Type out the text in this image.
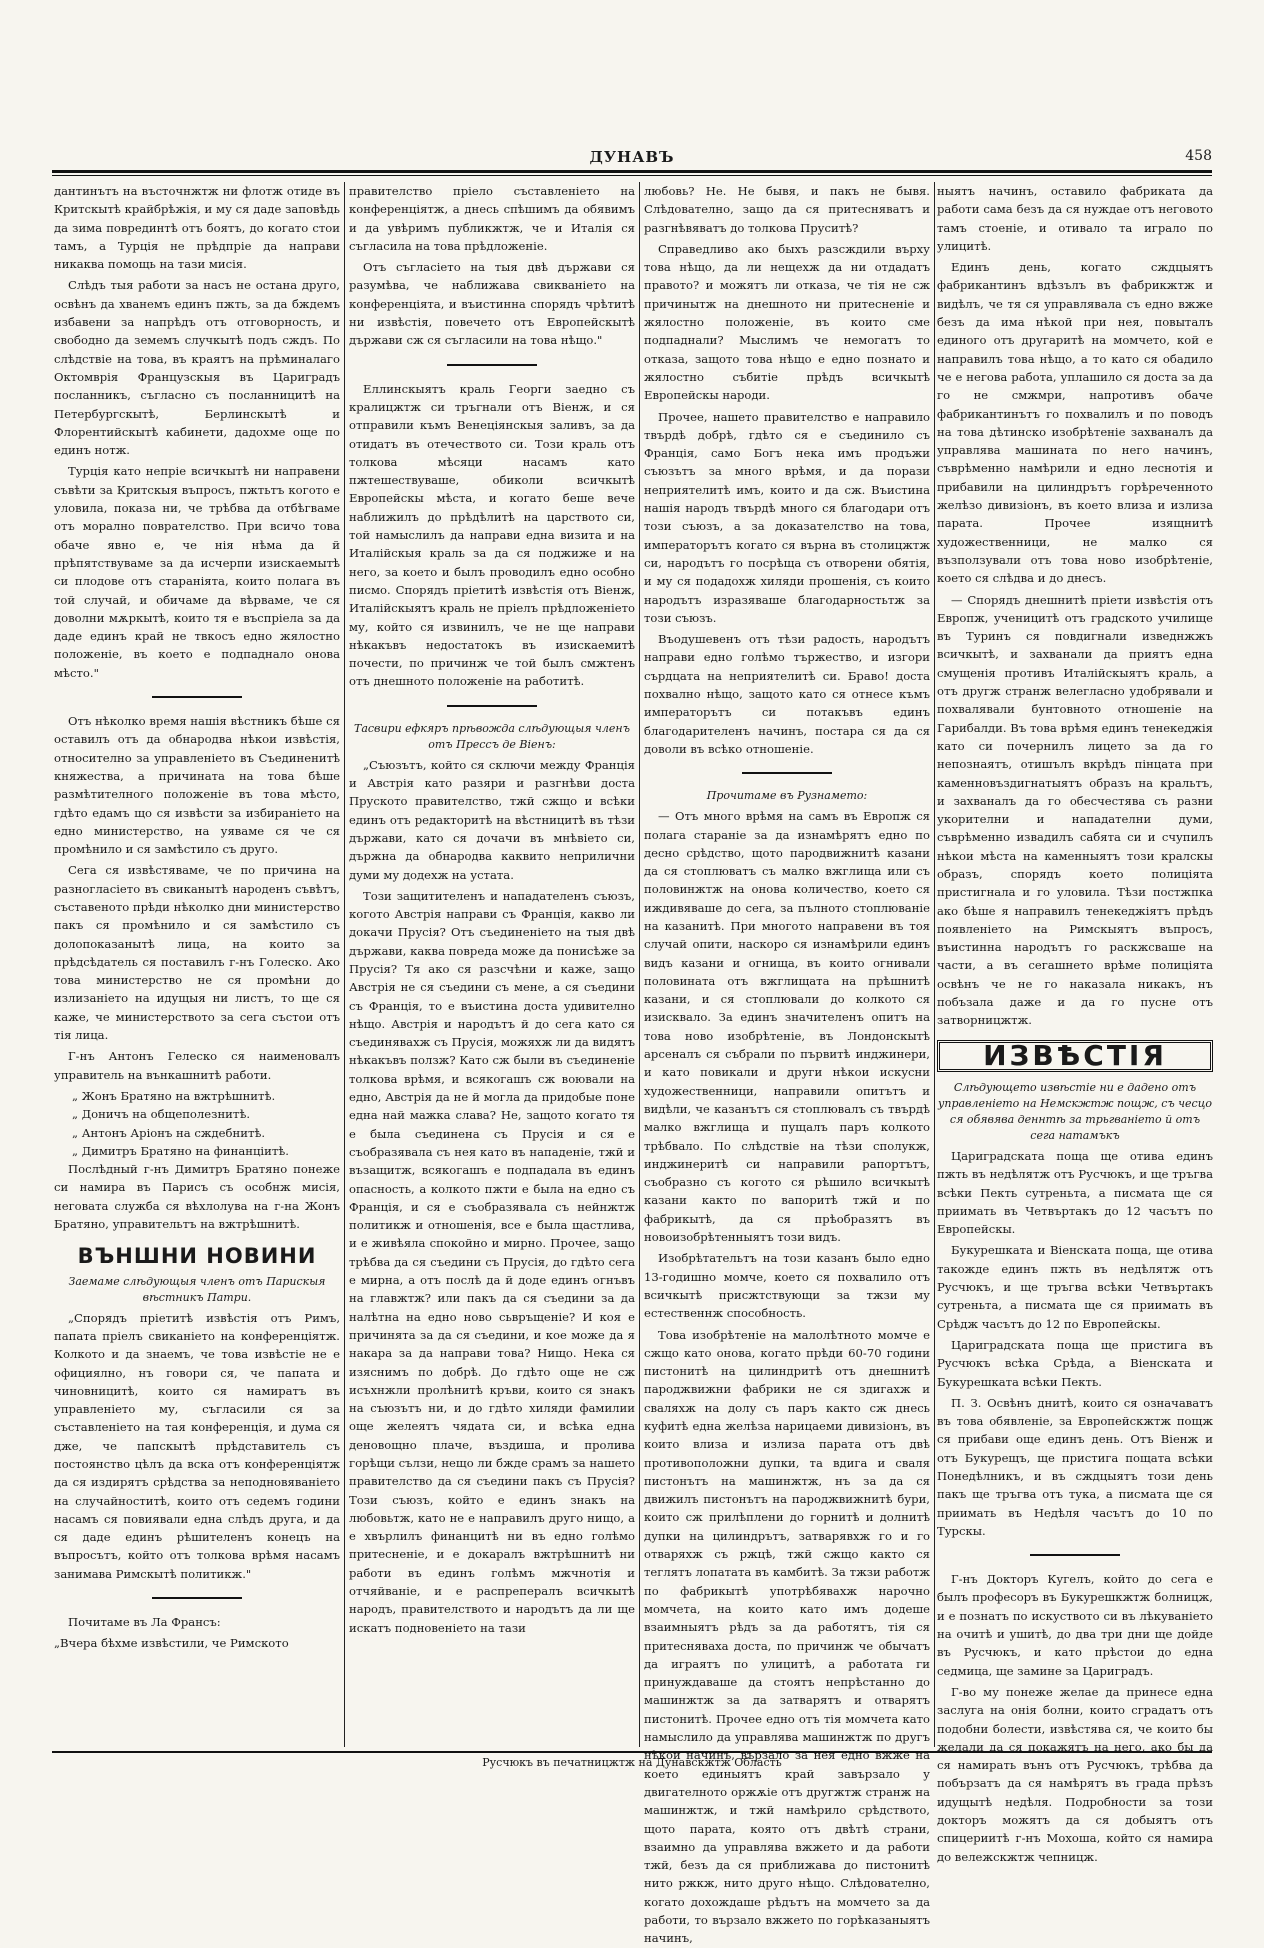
ДУНАВЪ	458

дантинътъ на въсточнжтж ни флотж отиде въ Критскытѣ крайбрѣжія, и му ся даде заповѣдь да зима поврединтѣ отъ боятъ, до когато стои тамъ, а Турція не прѣдпріе да направи никаква помощь на тази мисія.

Слѣдъ тыя работи за насъ не остана друго, освѣнъ да хванемъ единъ пжть, за да бждемъ избавени за напрѣдъ отъ отговорность, и свободно да земемъ случкытѣ подъ сждъ. По слѣдствіе на това, въ краятъ на прѣминалаго Октомврія Французскыя въ Цариградъ посланникъ, съгласно съ посланницитѣ на Петербургскытѣ, Берлинскытѣ и Флорентийскытѣ кабинети, дадохме още по единъ нотж.

Турція като непріе всичкытѣ ни направени съвѣти за Критскыя въпросъ, пжтьтъ когото е уловила, показа ни, че трѣбва да отбѣгваме отъ морално поврателство. При всичо това обаче явно е, че нія нѣма да й прѣпятствуваме за да исчерпи изискаемытѣ си плодове отъ стараніята, които полага въ той случай, и обичаме да вѣрваме, че ся доволни мѫркытѣ, които тя е въспріела за да даде единъ край не твкосъ едно жялостно положеніе, въ което е подпаднало онова мѣсто."

Отъ нѣколко время нашія вѣстникъ бѣше ся оставилъ отъ да обнародва нѣкои извѣстія, относително за управленіето въ Съединенитѣ княжества, а причината на това бѣше размѣтителного положеніе въ това мѣсто, гдѣто едамъ що ся извѣсти за избираніето на едно министерство, на уяваме ся че ся промѣнило и ся замѣстило съ друго.

Сега ся извѣстяваме, че по причина на разногласіето въ свиканытѣ народенъ съвѣтъ, съставеното прѣди нѣколко дни министерство пакъ ся промѣнило и ся замѣстило съ долопоказанытѣ лица, на които за прѣдсѣдатель ся поставилъ г-нъ Голеско. Ако това министерство не ся промѣни до излизаніето на идущыя ни листъ, то ще ся каже, че министерството за сега състои отъ тія лица.

Г-нъ Антонъ Гелеско ся наименовалъ управитель на вънкашнитѣ работи.

„ Жонъ Братяно на вжтрѣшнитѣ.
„ Доничъ на общеполезнитѣ.
„ Антонъ Аріонъ на сждебнитѣ.
„ Димитръ Братяно на финанціитѣ.

Послѣдный г-нъ Димитръ Братяно понеже си намира въ Парисъ съ особнж мисія, неговата служба ся вѣхлолува на г-на Жонъ Братяно, управительтъ на вжтрѣшнитѣ.

ВЪНШНИ НОВИНИ

Заемаме слѣдующыя членъ отъ Парискыя вѣстникъ Патри.

„Спорядъ пріетитѣ извѣстія отъ Римъ, папата пріелъ свиканіето на конференціятж. Колкото и да знаемъ, че това извѣстіе не е официялно, нъ говори ся, че папата и чиновницитѣ, които ся намиратъ въ управленіето му, съгласили ся за съставленіето на тая конференція, и дума ся дже, че папскытѣ прѣдставитель съ постоянство цѣлъ да вска отъ конференціятж да ся издирятъ срѣдства за неподновяваніето на случайноститѣ, които отъ седемъ години насамъ ся повиявали една слѣдъ друга, и да ся даде единъ рѣшителенъ конецъ на въпросътъ, който отъ толкова врѣмя насамъ занимава Римскытѣ политикж."

Почитаме въ Ла Франсъ:

„Вчера бѣхме извѣстили, че Римското

правителство пріело съставленіето на конференціятж, а днесь спѣшимъ да обявимъ и да увѣримъ публикжтж, че и Италія ся съгласила на това прѣдложеніе.

Отъ съгласіето на тыя двѣ държави ся разумѣва, че наближава свикваніето на конференціята, и въистинна спорядъ чрѣтитѣ ни извѣстія, повечето отъ Европейскытѣ държави сж ся съгласили на това нѣщо."

Еллинскыятъ краль Георги заедно съ кралицжтж си тръгнали отъ Віенж, и ся отправили къмъ Венеціянскыя заливъ, за да отидатъ въ отечеството си. Този краль отъ толкова мѣсяци насамъ като пжтешествуваше, обиколи всичкытѣ Европейскы мѣста, и когато беше вече наближилъ до прѣдѣлитѣ на царството си, той намыслилъ да направи една визита и на Италійскыя краль за да ся поджиже и на него, за което и былъ проводилъ едно особно писмо. Спорядъ пріетитѣ извѣстія отъ Віенж, Италійскыятъ краль не пріелъ прѣдложеніето му, който ся извинилъ, че не ще направи нѣкакъвъ недостатокъ въ изискаемитѣ почести, по причинж че той былъ смжтенъ отъ днешното положеніе на работитѣ.

Тасвири ефкяръ прѣвожда слѣдующыя членъ отъ Прессъ де Віенъ:

„Съюзътъ, който ся сключи между Франція и Австрія като разяри и разгнѣви доста Пруското правителство, тжй сжщо и всѣки единъ отъ редакторитѣ на вѣстницитѣ въ тѣзи държави, като ся дочачи въ мнѣвіето си, държна да обнародва каквито неприлични думи му додехж на устата.

Този защитителенъ и нападателенъ съюзъ, когото Австрія направи съ Франція, какво ли докачи Прусія? Отъ съединеніето на тыя двѣ държави, каква повреда може да понисѣже за Прусія? Тя ако ся разсчѣни и каже, защо Австрія не ся съедини съ мене, а ся съедини съ Франція, то е въистина доста удивително нѣщо. Австрія и народътъ й до сега като ся съединявахж съ Прусія, можяхж ли да видятъ нѣкакъвъ ползж? Като сж были въ съединеніе толкова врѣмя, и всякогашъ сж воювали на едно, Австрія да не й могла да придобые поне една най мажка слава? Не, защото когато тя е была съединена съ Прусія и ся е съобразявала съ нея като въ нападеніе, тжй и възащитж, всякогашъ е подпадала въ единъ опасность, а колкото пжти е была на едно съ Франція, и ся е съобразявала съ нейнжтж политикж и отношенія, все е была щастлива, и е живѣяла спокойно и мирно. Прочее, защо трѣбва да ся съедини съ Прусія, до гдѣто сега е мирна, а отъ послѣ да й доде единъ огнъвъ на главжтж? или пакъ да ся съедини за да налѣтна на едно ново сьвръщеніе? И коя е причинята за да ся съедини, и кое може да я накара за да направи това? Нищо. Нека ся изяснимъ по добрѣ. До гдѣто още не сж исъхнжли пролѣнитѣ кръви, които ся знакъ на съюзътъ ни, и до гдѣто хиляди фамилии още желеятъ чядата си, и всѣка една деновощно плаче, въздиша, и пролива горѣщи сълзи, нещо ли бжде срамъ за нашето правителство да ся съедини пакъ съ Прусія? Този съюзъ, който е единъ знакъ на любовьтж, като не е направилъ друго нищо, а е хвърлилъ финанцитѣ ни въ едно голѣмо притесненіе, и е докаралъ вжтрѣшнитѣ ни работи въ единъ голѣмъ мжчнотія и отчяйваніе, и е распрепералъ всичкытѣ народъ, правителството и народътъ да ли ще искатъ подновеніето на тази

любовь? Не. Не бывя, и пакъ не бывя. Слѣдователно, защо да ся притесняватъ и разгнѣвяватъ до толкова Пруситѣ?

Справедливо ако быхъ разсждили върху това нѣщо, да ли нещехж да ни отдадатъ правото? и можятъ ли отказа, че тія не сж причинытж на днешното ни притесненіе и жялостно положеніе, въ които сме подпаднали? Мыслимъ че немогатъ то отказа, защото това нѣщо е едно познато и жялостно събитіе прѣдъ всичкытѣ Европейскы народи.

Прочее, нашето правителство е направило твърдѣ добрѣ, гдѣто ся е съединило съ Франція, само Богъ нека имъ продъжи съюзътъ за много врѣмя, и да порази неприятелитѣ имъ, които и да сж. Въистина нашія народъ твърдѣ много ся благодари отъ този съюзъ, а за доказателство на това, императорътъ когато ся върна въ столицжтж си, народътъ го посрѣща съ отворени обятія, и му ся подадохж хиляди прошенія, съ които народътъ изразяваше благодарностьтж за този съюзъ.

Въодушевенъ отъ тѣзи радость, народътъ направи едно голѣмо тържество, и изгори сърдцата на неприятелитѣ си. Браво! доста похвално нѣщо, защото като ся отнесе къмъ императорътъ си потакъвъ единъ благодарителенъ начинъ, постара ся да ся доволи въ всѣко отношеніе.

Прочитаме въ Рузнамето:

— Отъ много врѣмя на самъ въ Европж ся полага стараніе за да изнамѣрятъ едно по десно срѣдство, щото пародвижнитѣ казани да ся стоплюватъ съ малко вжглища или съ половинжтж на онова количество, което ся иждивяваше до сега, за пълното стоплюваніе на казанитѣ. При многото направени въ тоя случай опити, наскоро ся изнамѣрили единъ видъ казани и огнища, въ които огнивали половината отъ вжглищата на прѣшнитѣ казани, и ся стоплювали до колкото ся изисквало. За единъ значителенъ опитъ на това ново изобрѣтеніе, въ Лондонскытѣ арсеналъ ся събрали по първитѣ инджинери, и като повикали и други нѣкои искусни художественници, направили опитътъ и видѣли, че казанътъ ся стоплювалъ съ твърдѣ малко вжглища и пущалъ паръ колкото трѣбвало. По слѣдствіе на тѣзи сполукж, инджинеритѣ си направили рапортътъ, съобразно съ когото ся рѣшило всичкытѣ казани както по вапоритѣ тжй и по фабрикытѣ, да ся прѣобразятъ въ новоизобрѣтенныятъ този видъ.

Изобрѣтательтъ на този казанъ было едно 13-годишно момче, което ся похвалило отъ всичкытѣ присжтствующи за тжзи му естественнж способность.

Това изобрѣтеніе на малолѣтното момче е сжщо като онова, когато прѣди 60-70 години пистонитѣ на цилиндритѣ отъ днешнитѣ пароджвижни фабрики не ся здигахж и сваляхж на долу съ паръ както сж днесь куфитѣ една желѣза нарицаеми дивизіонъ, въ които влиза и излиза парата отъ двѣ противоположни дупки, та вдига и сваля пистонътъ на машинжтж, нъ за да ся движилъ пистонътъ на пароджвижнитѣ бури, които сж прилѣплени до горнитѣ и долнитѣ дупки на цилиндрътъ, затварявхж го и го отваряхж съ ржцѣ, тжй сжщо както ся теглятъ лопатата въ камбитѣ. За тжзи работж по фабрикытѣ употрѣбявахж нарочно момчета, на които като имъ додеше взаимныятъ рѣдъ за да работятъ, тія ся притесняваха доста, по причинж че обычатъ да играятъ по улицитѣ, а работата ги принуждаваше да стоятъ непрѣстанно до машинжтж за да затварятъ и отварятъ пистонитѣ. Прочее едно отъ тія момчета като намыслило да управлява машинжтж по другъ нѣкой начинъ, вързало за нея едно вжже на което единыятъ край завързало у двигателното оржѫіе отъ другжтж странж на машинжтж, и тжй намѣрило срѣдството, щото парата, която отъ двѣтѣ страни, взаимно да управлява вжжето и да работи тжй, безъ да ся приближава до пистонитѣ нито ржкж, нито друго нѣщо. Слѣдователно, когато дохождаше рѣдътъ на момчето за да работи, то вързало вжжето по горѣказаныятъ начинъ,

ныятъ начинъ, оставило фабриката да работи сама безъ да ся нуждае отъ неговото тамъ стоеніе, и отивало та играло по улицитѣ.

Единъ день, когато сждцыятъ фабрикантинъ вдѣзълъ въ фабрикжтж и видѣлъ, че тя ся управлявала съ едно вжже безъ да има нѣкой при нея, повыталъ единого отъ другаритѣ на момчето, кой е направилъ това нѣщо, а то като ся обадило че е негова работа, уплашило ся доста за да го не смжмри, напротивъ обаче фабрикантинътъ го похвалилъ и по поводъ на това дѣтинско изобрѣтеніе захваналъ да управлява машината по него начинъ, съврѣменно намѣрили и едно леснотія и прибавили на цилиндрътъ горѣреченното желѣзо дивизіонъ, въ което влиза и излиза парата. Прочее изящнитѣ художественници, не малко ся възползували отъ това ново изобрѣтеніе, което ся слѣдва и до днесъ.

— Спорядъ днешнитѣ пріети извѣстія отъ Европж, ученицитѣ отъ градското училище въ Туринъ ся повдигнали изведнжжъ всичкытѣ, и захванали да приятъ една смущенія противъ Италійскыятъ краль, а отъ другж странж велегласно удобрявали и похвалявали бунтовното отношеніе на Гарибалди. Въ това врѣмя единъ тенекеджія като си почернилъ лицето за да го непознаятъ, отишълъ вкрѣдъ пінцата при каменновъздигнатыятъ образъ на кральтъ, и захваналъ да го обесчестява съ разни укорителни и нападателни думи, съврѣменно извадилъ сабята си и счупилъ нѣкои мѣста на каменныятъ този кралскы образъ, спорядъ което полиціята пристигнала и го уловила. Тѣзи постжпка ако бѣше я направилъ тенекеджіятъ прѣдъ появленіето на Римскыятъ въпросъ, въистинна народътъ го раскжсваше на части, а въ сегашнето врѣме полиціята освѣнъ че не го наказала никакъ, нъ побъзала даже и да го пусне отъ затворницжтж.

ИЗВѢСТІЯ

Слѣдующето извѣстіе ни е дадено отъ управленіето на Немскжтж пощж, съ чесцо ся обявява деннтѣ за трьгваніето й отъ сега натамъкъ

Цариградската поща ще отива единъ пжть въ недѣлятж отъ Русчюкъ, и ще тръгва всѣки Пекть сутреньта, а писмата ще ся приимать въ Четвъртакъ до 12 часътъ по Европейскы.

Букурешката и Віенската поща, ще отива такожде единъ пжть въ недѣлятж отъ Русчюкъ, и ще тръгва всѣки Четвъртакъ сутреньта, а писмата ще ся приимать въ Срѣдж часътъ до 12 по Европейскы.

Цариградската поща ще пристига въ Русчюкъ всѣка Срѣда, а Віенската и Букурешката всѣки Пекть.

П. З. Освѣнъ днитѣ, които ся означаватъ въ това обявленіе, за Европейскжтж пощж ся прибави още единъ день. Отъ Віенж и отъ Букурещъ, ще пристига пощата всѣки Понедѣлникъ, и въ сждцыятъ този день пакъ ще тръгва отъ тука, а писмата ще ся приимать въ Недѣля часътъ до 10 по Турскы.

Г-нъ Докторъ Кугелъ, който до сега е былъ професоръ въ Букурешкжтж болницж, и е познатъ по искуството си въ лѣкуваніето на очитѣ и ушитѣ, до два три дни ще дойде въ Русчюкъ, и като прѣстои до една седмица, ще замине за Цариградъ.

Г-во му понеже желае да принесе една заслуга на онія болни, които сградатъ отъ подобни болести, извѣстява ся, че които бы желали да ся покажятъ на него, ако бы да ся намирать вънъ отъ Русчюкъ, трѣбва да побързатъ да ся намѣрятъ въ града прѣзъ идущытѣ недѣля. Подробности за този докторъ можятъ да ся добыятъ отъ спицериитѣ г-нъ Мохоша, който ся намира до вележскжтж чепницж.

Русчюкъ въ печатницжтж на Дунавскжтж Область
